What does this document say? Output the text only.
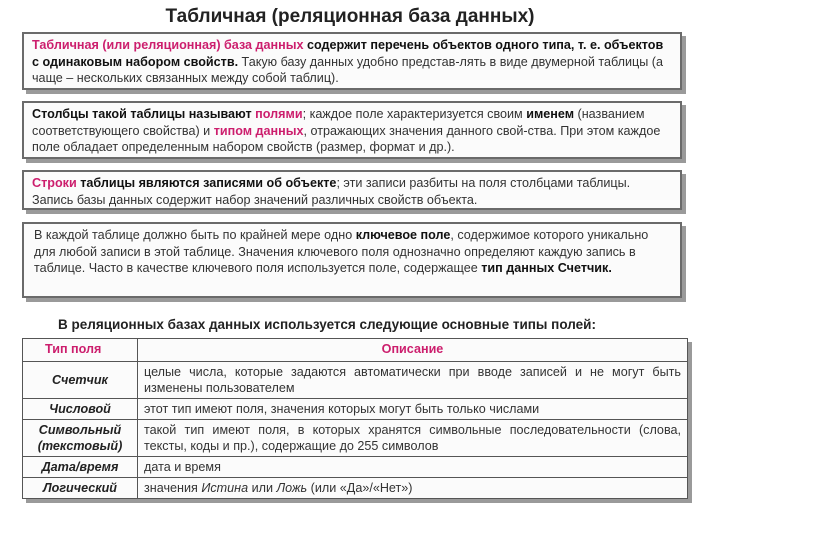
Табличная (реляционная база данных)
Табличная (или реляционная) база данных содержит перечень объектов одного типа, т. е. объектов с одинаковым набором свойств. Такую базу данных удобно представ-лять в виде двумерной таблицы (а чаще – нескольких связанных между собой таблиц).
Столбцы такой таблицы называют полями; каждое поле характеризуется своим именем (названием соответствующего свойства) и типом данных, отражающих значения данного свой-ства. При этом каждое поле обладает определенным набором свойств (размер, формат и др.).
Строки таблицы являются записями об объекте; эти записи разбиты на поля столбцами таблицы. Запись базы данных содержит набор значений различных свойств объекта.
В каждой таблице должно быть по крайней мере одно ключевое поле, содержимое которого уникально для любой записи в этой таблице. Значения ключевого поля однозначно определяют каждую запись в таблице. Часто в качестве ключевого поля используется поле, содержащее тип данных Счетчик.
В реляционных базах данных используется следующие основные типы полей:
Тип поля	Описание
Счетчик	целые числа, которые задаются автоматически при вводе записей и не могут быть изменены пользователем
Числовой	этот тип имеют поля, значения которых могут быть только числами
Символьный (текстовый)	такой тип имеют поля, в которых хранятся символьные последовательности (слова, тексты, коды и пр.), содержащие до 255 символов
Дата/время	дата и время
Логический	значения Истина или Ложь (или «Да»/«Нет»)
